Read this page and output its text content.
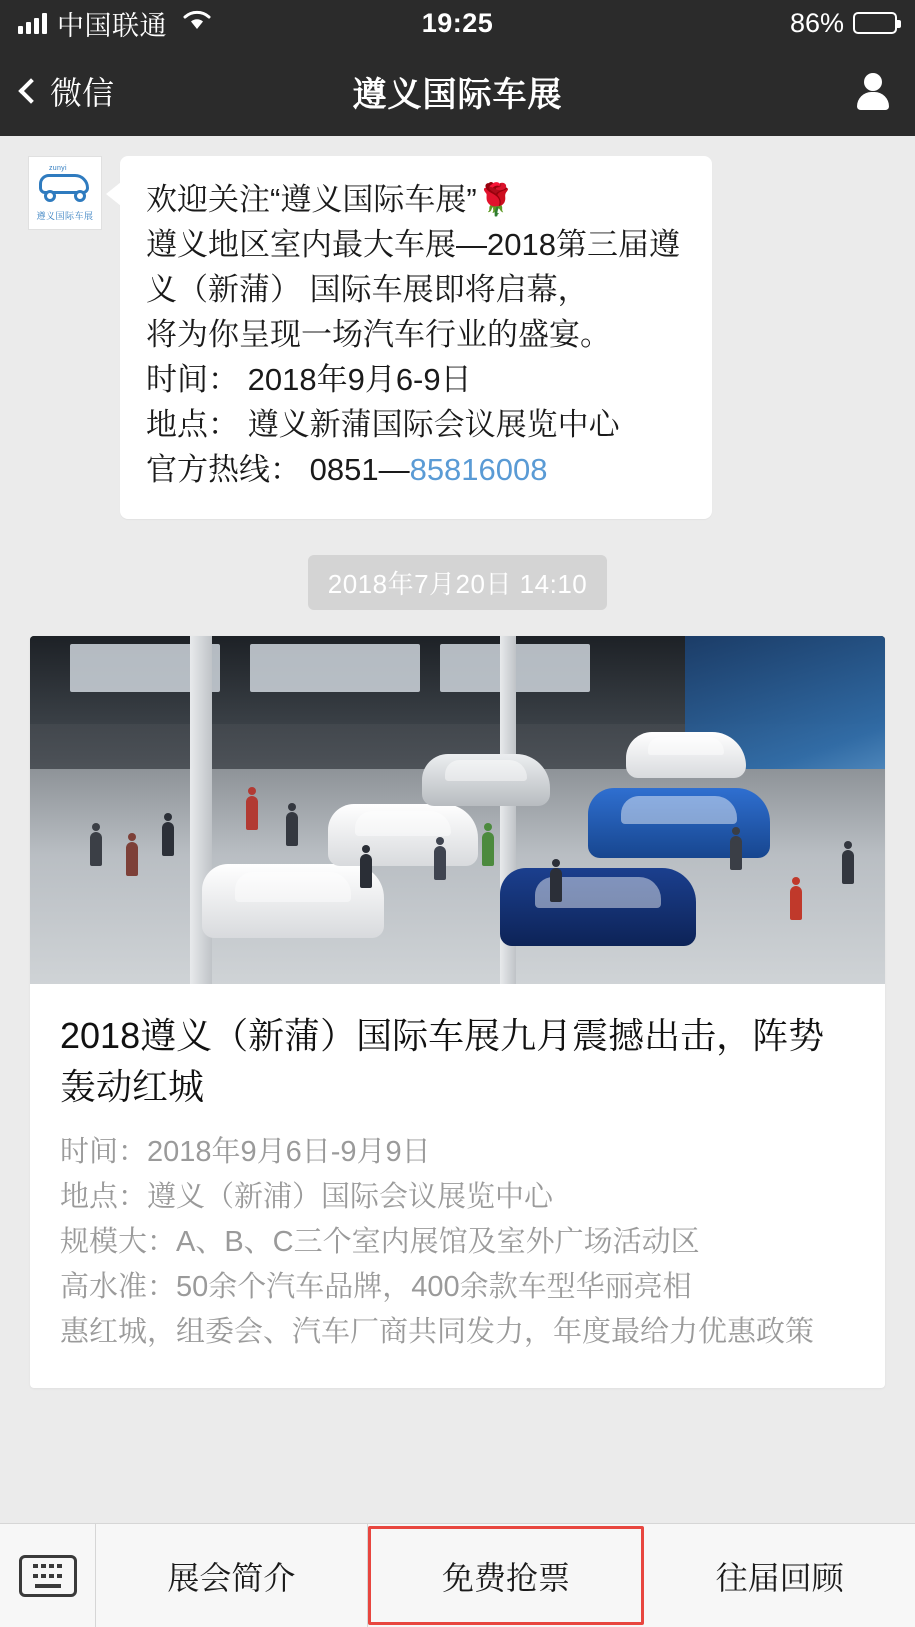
中国联通	19:25	86%
微信	遵义国际车展
zunyi
遵义国际车展 欢迎关注“遵义国际车展”🌹

遵义地区室内最大车展—2018第三届遵义（新蒲） 国际车展即将启幕，

将为你呈现一场汽车行业的盛宴。

时间： 2018年9月6-9日

地点： 遵义新蒲国际会议展览中心

官方热线： 0851—85816008

2018年7月20日 14:10
2018遵义（新蒲）国际车展九月震撼出击，阵势轰动红城
时间：2018年9月6日-9月9日
地点：遵义（新浦）国际会议展览中心
规模大：A、B、C三个室内展馆及室外广场活动区
高水准：50余个汽车品牌，400余款车型华丽亮相
惠红城，组委会、汽车厂商共同发力，年度最给力优惠政策
展会简介	免费抢票	往届回顾
